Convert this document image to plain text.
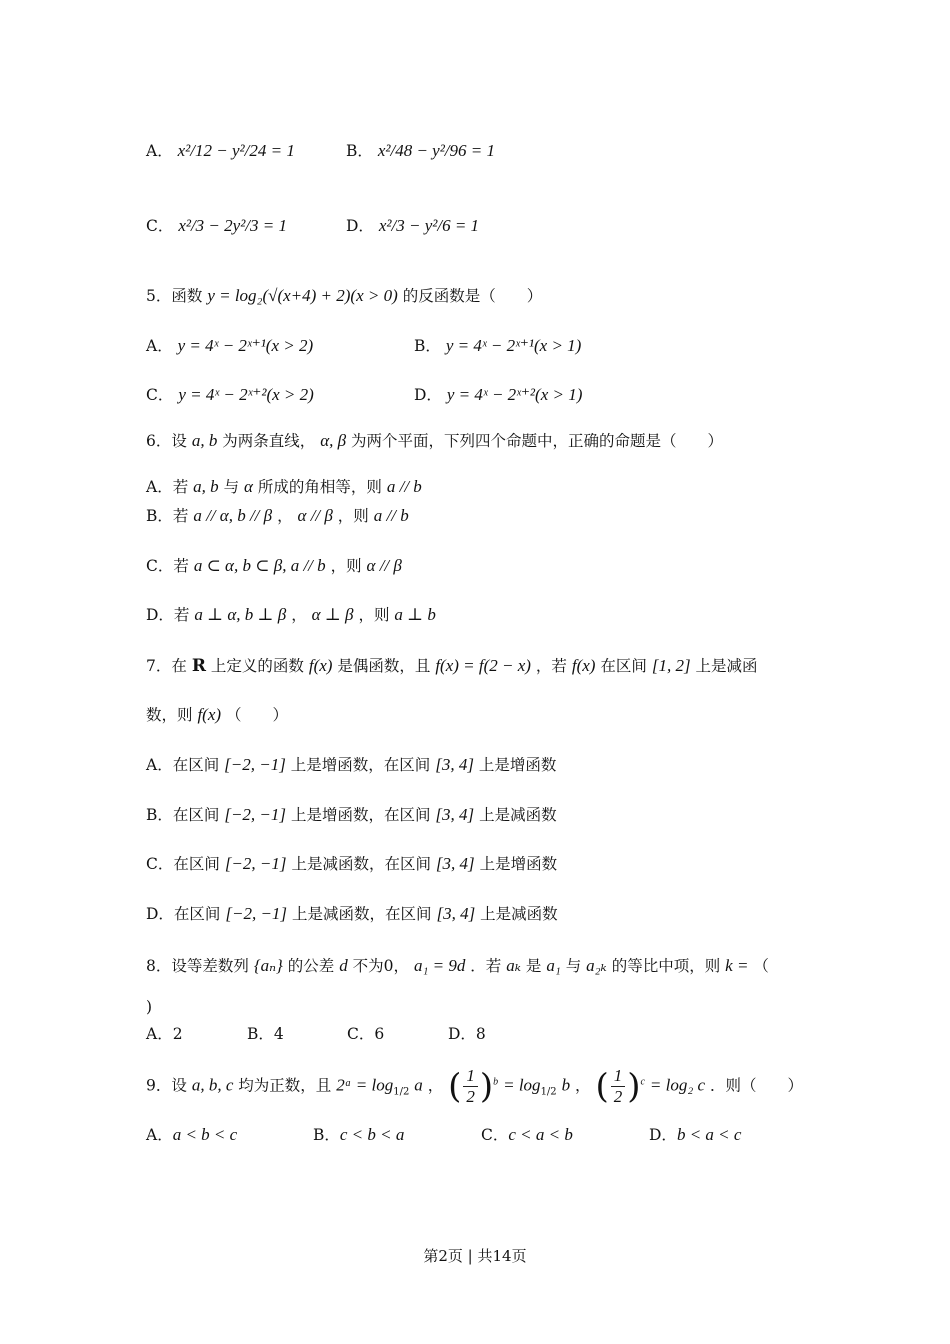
A． x²/12 − y²/24 = 1	B． x²/48 − y²/96 = 1
C． x²/3 − 2y²/3 = 1	D． x²/3 − y²/6 = 1
5．函数 y = log₂(√(x+4) + 2)(x > 0) 的反函数是（　　）
A． y = 4ˣ − 2ˣ⁺¹(x > 2)	B． y = 4ˣ − 2ˣ⁺¹(x > 1)
C． y = 4ˣ − 2ˣ⁺²(x > 2)	D． y = 4ˣ − 2ˣ⁺²(x > 1)
6．设 a, b 为两条直线， α, β 为两个平面，下列四个命题中，正确的命题是（　　）
A．若 a, b 与 α 所成的角相等，则 a // b
B．若 a // α, b // β ， α // β ，则 a // b
C．若 a ⊂ α, b ⊂ β, a // b ，则 α // β
D．若 a ⊥ α, b ⊥ β ， α ⊥ β ，则 a ⊥ b
7．在 R 上定义的函数 f(x) 是偶函数，且 f(x) = f(2 − x) ，若 f(x) 在区间 [1, 2] 上是减函
数，则 f(x) （　　）
A．在区间 [−2, −1] 上是增函数，在区间 [3, 4] 上是增函数
B．在区间 [−2, −1] 上是增函数，在区间 [3, 4] 上是减函数
C．在区间 [−2, −1] 上是减函数，在区间 [3, 4] 上是增函数
D．在区间 [−2, −1] 上是减函数，在区间 [3, 4] 上是减函数
8．设等差数列 {aₙ} 的公差 d 不为0， a₁ = 9d ．若 aₖ 是 a₁ 与 a₂ₖ 的等比中项，则 k = （
)
A．2	B．4	C．6	D．8
9．设 a, b, c 均为正数，且 2ᵃ = $\log_{1/2} a$ ， ( $\frac{1}{2} )^b = \log_{1/2} b$ ， ( $\frac{1}{2} )^c = \log_2$ c ．则（　　）
A．a < b < c	B．c < b < a	C．c < a < b	D．b < a < c
第2页 | 共14页
